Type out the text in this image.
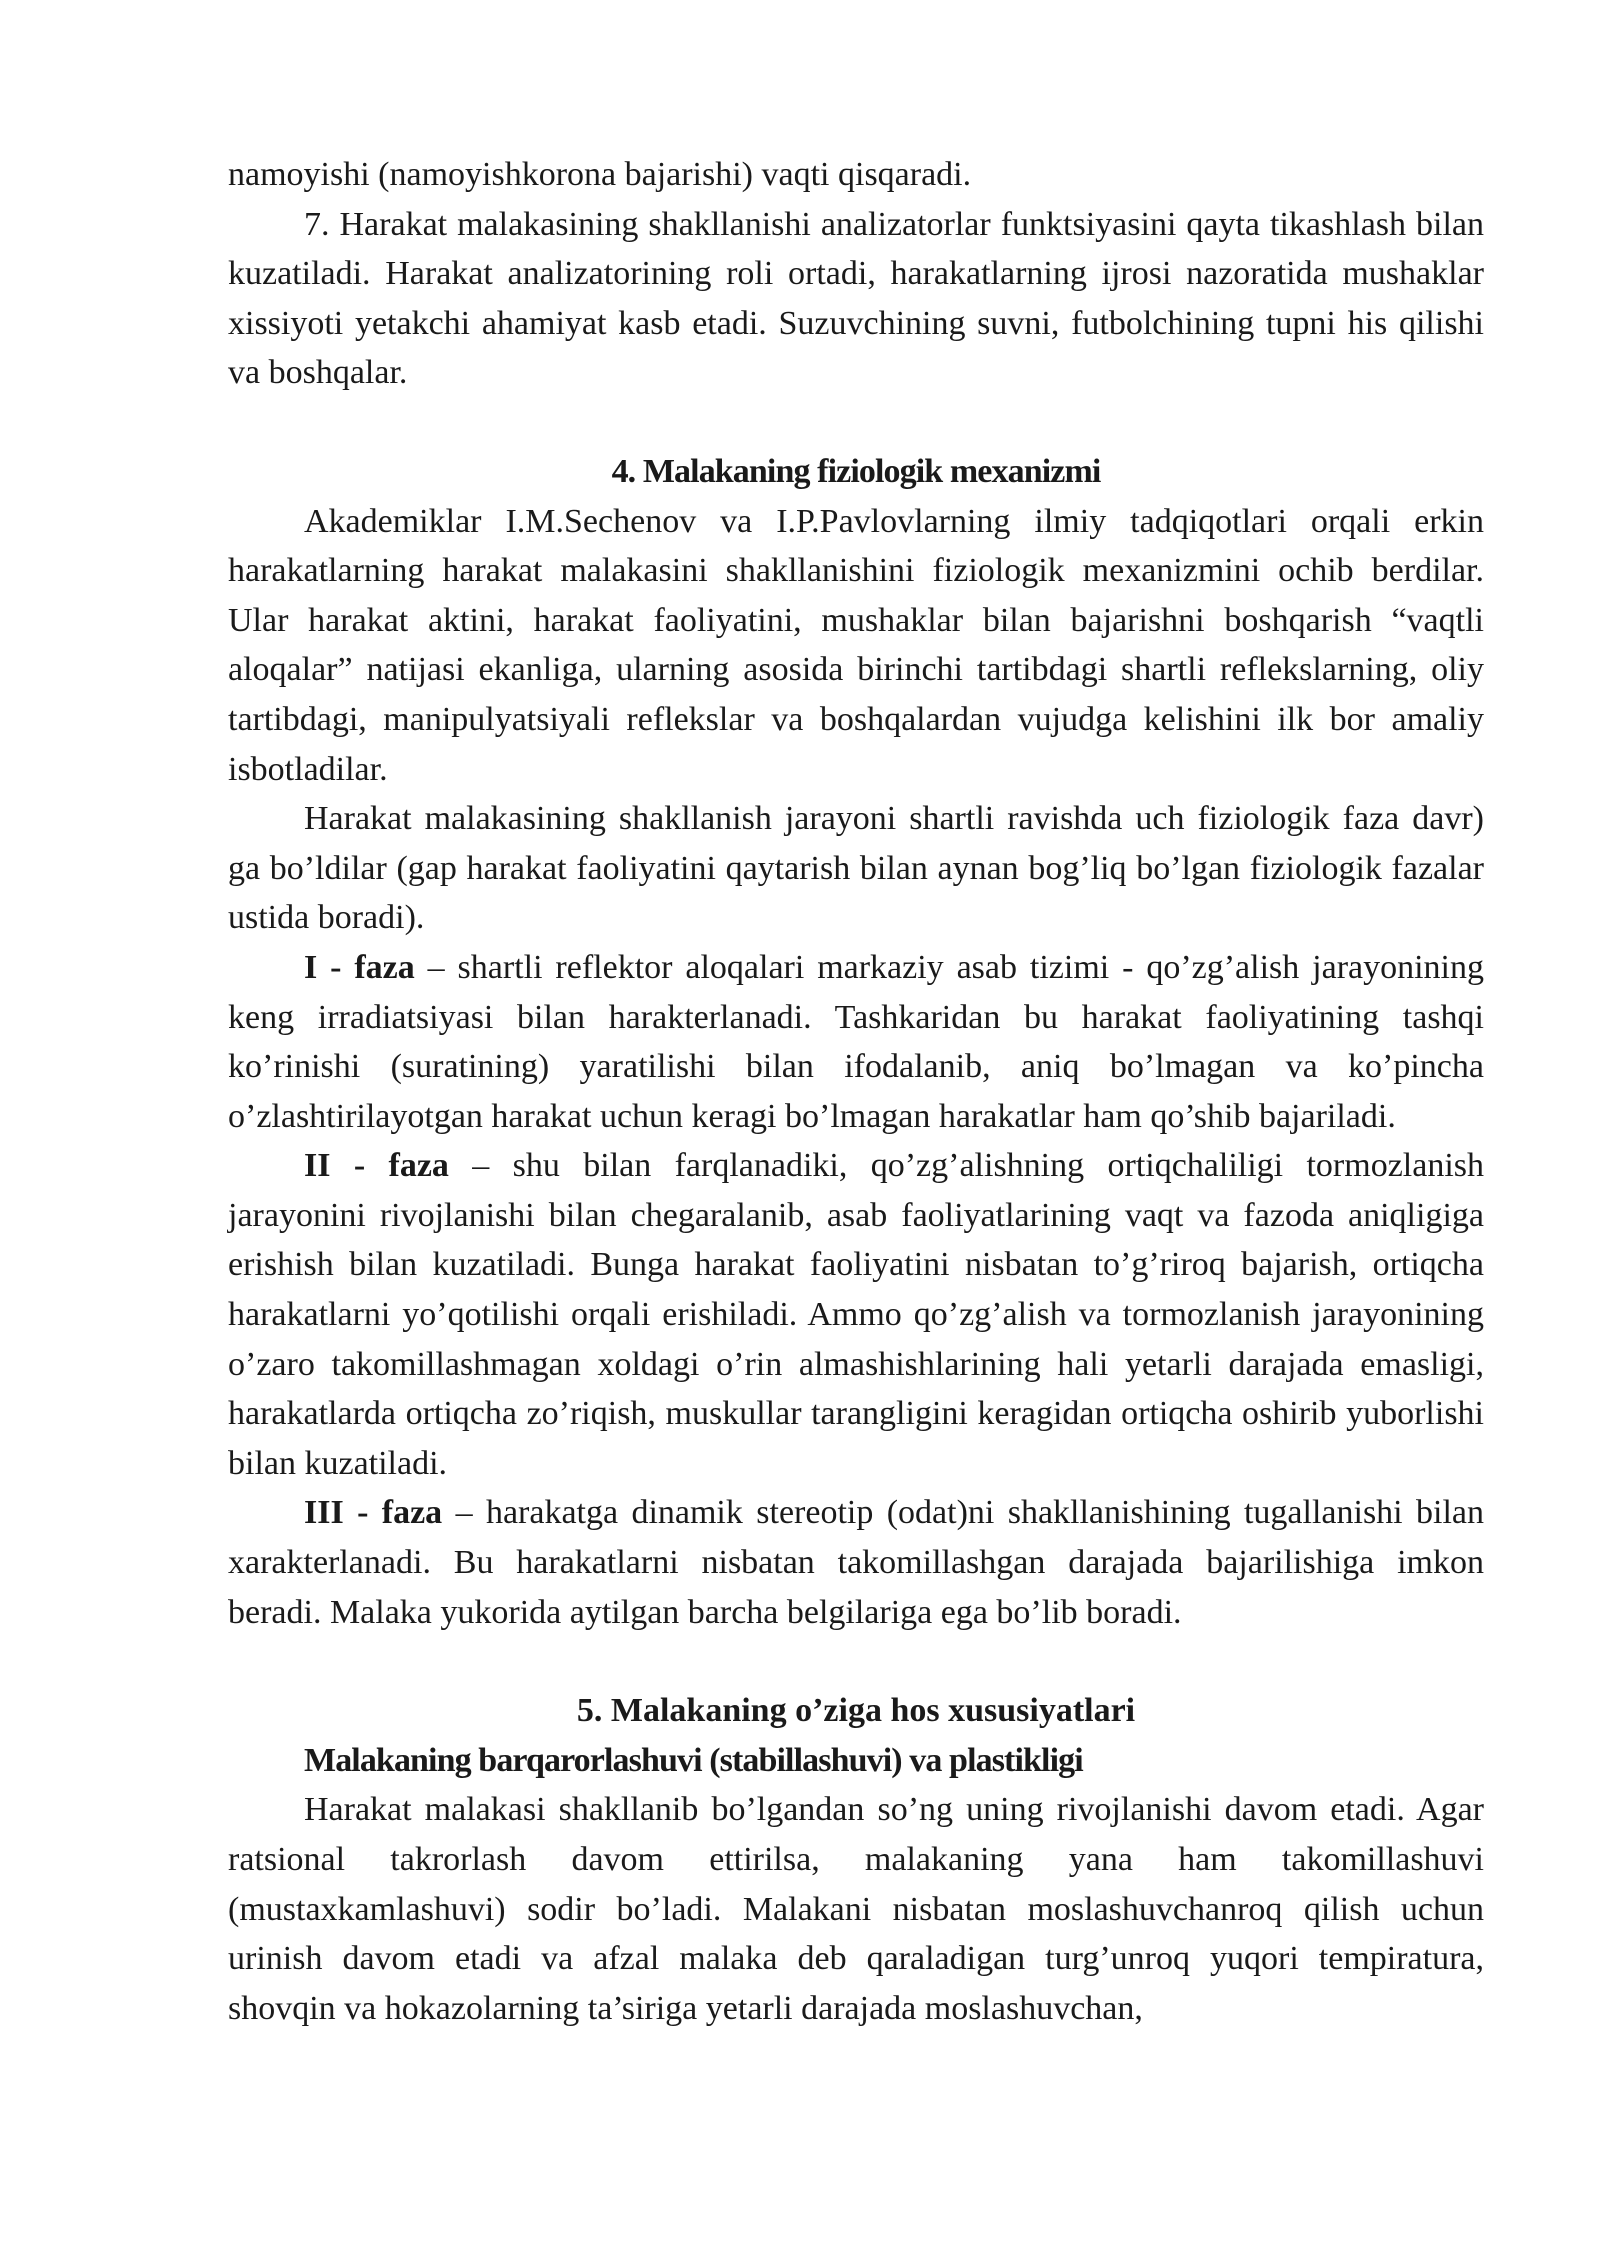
namoyishi (namoyishkorona bajarishi) vaqti qisqaradi.

7. Harakat malakasining shakllanishi analizatorlar funktsiyasini qayta tikashlash bilan kuzatiladi. Harakat analizatorining roli ortadi, harakatlarning ijrosi nazoratida mushaklar xissiyoti yetakchi ahamiyat kasb etadi. Suzuvchining suvni, futbolchining tupni his qilishi va boshqalar.

4. Malakaning fiziologik mexanizmi

Akademiklar I.M.Sechenov va I.P.Pavlovlarning ilmiy tadqiqotlari orqali erkin harakatlarning harakat malakasini shakllanishini fiziologik mexanizmini ochib berdilar. Ular harakat aktini, harakat faoliyatini, mushaklar bilan bajarishni boshqarish “vaqtli aloqalar” natijasi ekanliga, ularning asosida birinchi tartibdagi shartli reflekslarning, oliy tartibdagi, manipulyatsiyali reflekslar va boshqalardan vujudga kelishini ilk bor amaliy isbotladilar.

Harakat malakasining shakllanish jarayoni shartli ravishda uch fiziologik faza davr) ga bo’ldilar (gap harakat faoliyatini qaytarish bilan aynan bog’liq bo’lgan fiziologik fazalar ustida boradi).

I - faza – shartli reflektor aloqalari markaziy asab tizimi - qo’zg’alish jarayonining keng irradiatsiyasi bilan harakterlanadi. Tashkaridan bu harakat faoliyatining tashqi ko’rinishi (suratining) yaratilishi bilan ifodalanib, aniq bo’lmagan va ko’pincha o’zlashtirilayotgan harakat uchun keragi bo’lmagan harakatlar ham qo’shib bajariladi.

II - faza – shu bilan farqlanadiki, qo’zg’alishning ortiqchaliligi tormozlanish jarayonini rivojlanishi bilan chegaralanib, asab faoliyatlarining vaqt va fazoda aniqligiga erishish bilan kuzatiladi. Bunga harakat faoliyatini nisbatan to’g’riroq bajarish, ortiqcha harakatlarni yo’qotilishi orqali erishiladi. Ammo qo’zg’alish va tormozlanish jarayonining o’zaro takomillashmagan xoldagi o’rin almashishlarining hali yetarli darajada emasligi, harakatlarda ortiqcha zo’riqish, muskullar tarangligini keragidan ortiqcha oshirib yuborlishi bilan kuzatiladi.

III - faza – harakatga dinamik stereotip (odat)ni shakllanishining tugallanishi bilan xarakterlanadi. Bu harakatlarni nisbatan takomillashgan darajada bajarilishiga imkon beradi. Malaka yukorida aytilgan barcha belgilariga ega bo’lib boradi.

5. Malakaning o’ziga hos xususiyatlari

Malakaning barqarorlashuvi (stabillashuvi) va plastikligi

Harakat malakasi shakllanib bo’lgandan so’ng uning rivojlanishi davom etadi. Agar ratsional takrorlash davom ettirilsa, malakaning yana ham takomillashuvi (mustaxkamlashuvi) sodir bo’ladi. Malakani nisbatan moslashuvchanroq qilish uchun urinish davom etadi va afzal malaka deb qaraladigan turg’unroq yuqori tempiratura, shovqin va hokazolarning ta’siriga yetarli darajada moslashuvchan,
